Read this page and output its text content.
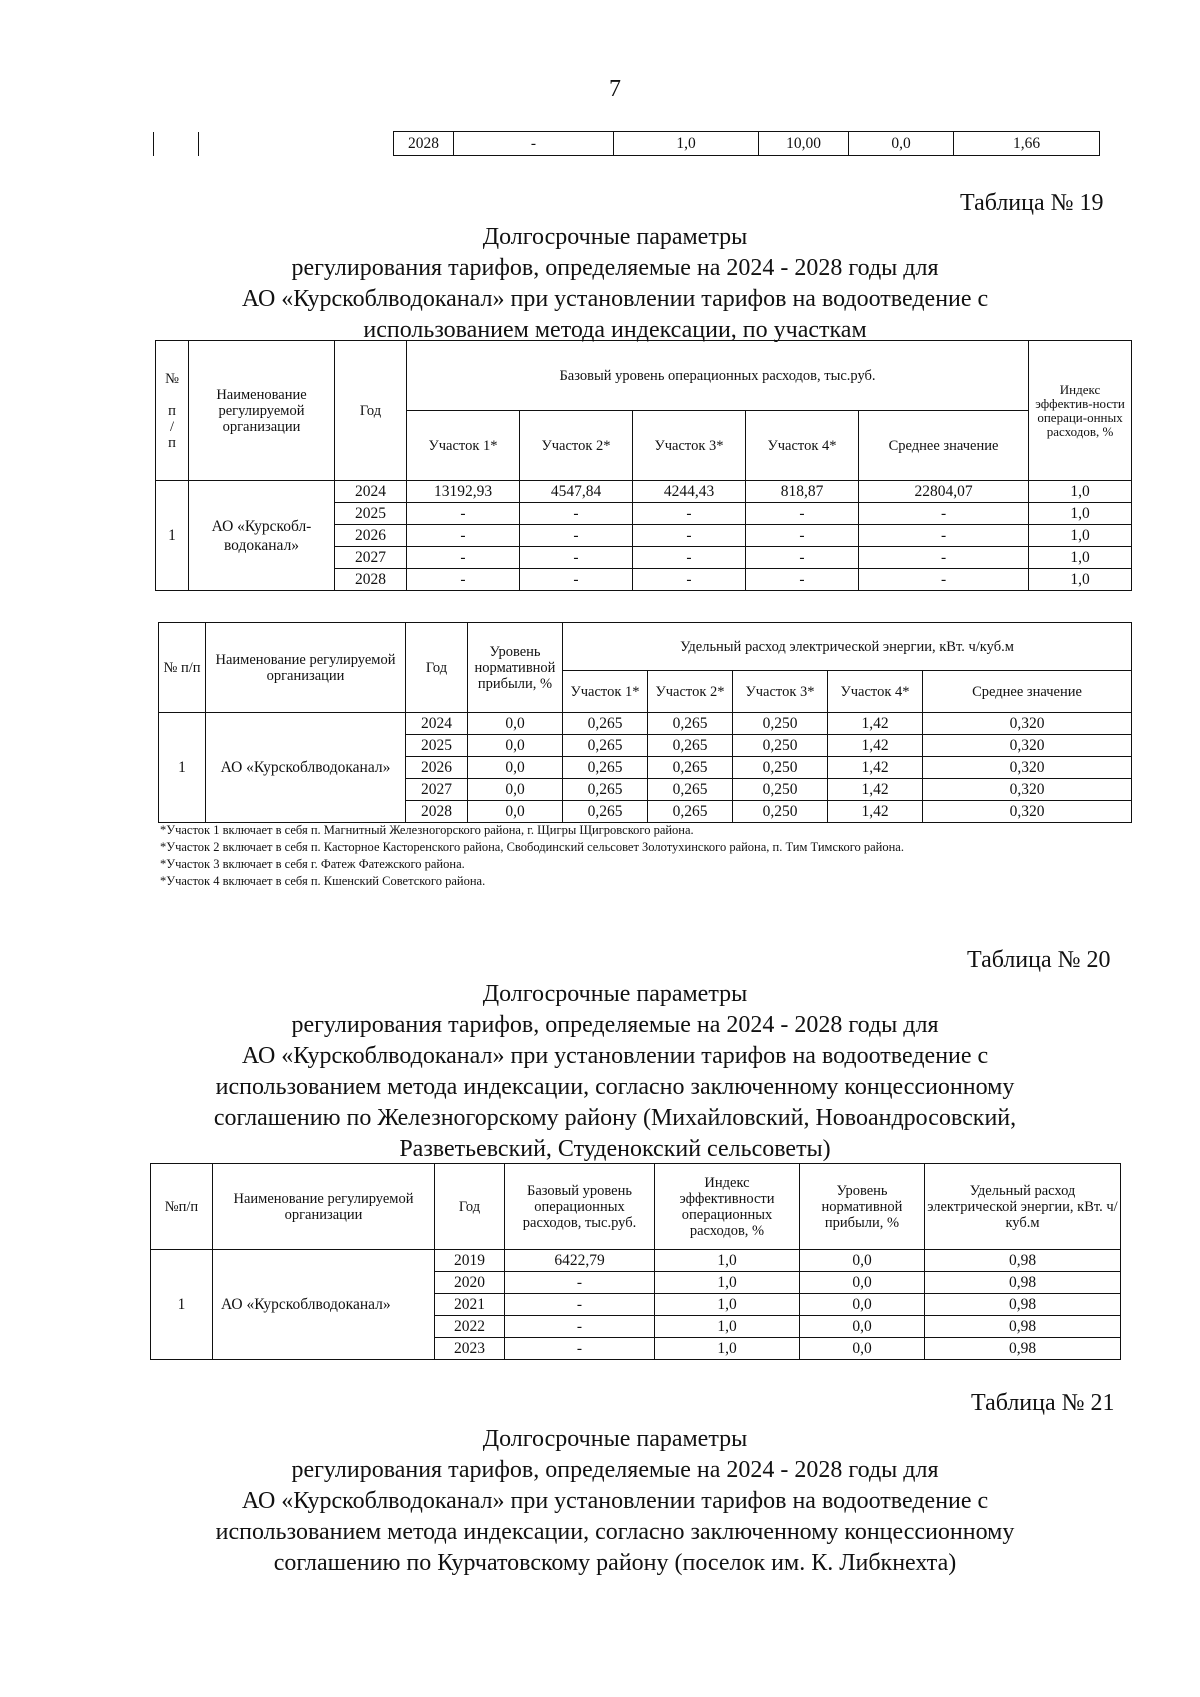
7
		2028	-	1,0	10,00	0,0	1,66
Таблица № 19
Долгосрочные параметры
регулирования тарифов, определяемые на 2024 - 2028 годы для
АО «Курскоблводоканал» при установлении тарифов на водоотведение с
использованием метода индексации, по участкам
№

п
/
п	Наименование регулируемой организации	Год	Базовый уровень операционных расходов, тыс.руб.					Индекс эффектив-ности операци-онных расходов, %
			Участок 1*	Участок 2*	Участок 3*	Участок 4*	Среднее значение	
1	АО «Курскобл-водоканал»	2024	13192,93	4547,84	4244,43	818,87	22804,07	1,0
		2025	-	-	-	-	-	1,0
		2026	-	-	-	-	-	1,0
		2027	-	-	-	-	-	1,0
		2028	-	-	-	-	-	1,0
№ п/п	Наименование регулируемой организации	Год	Уровень нормативной прибыли, %	Удельный расход электрической энергии, кВт. ч/куб.м				
				Участок 1*	Участок 2*	Участок 3*	Участок 4*	Среднее значение
1	АО «Курскоблводоканал»	2024	0,0	0,265	0,265	0,250	1,42	0,320
		2025	0,0	0,265	0,265	0,250	1,42	0,320
		2026	0,0	0,265	0,265	0,250	1,42	0,320
		2027	0,0	0,265	0,265	0,250	1,42	0,320
		2028	0,0	0,265	0,265	0,250	1,42	0,320
*Участок 1 включает в себя п. Магнитный Железногорского района, г. Щигры Щигровского района.
*Участок 2 включает в себя п. Касторное Касторенского района, Свободинский сельсовет Золотухинского района, п. Тим Тимского района.
*Участок 3 включает в себя г. Фатеж Фатежского района.
*Участок 4 включает в себя п. Кшенский Советского района.
Таблица № 20
Долгосрочные параметры
регулирования тарифов, определяемые на 2024 - 2028 годы для
АО «Курскоблводоканал» при установлении тарифов на водоотведение с
использованием метода индексации, согласно заключенному концессионному
соглашению по Железногорскому району (Михайловский, Новоандросовский,
Разветьевский, Студенокский сельсоветы)
№п/п	Наименование регулируемой организации	Год	Базовый уровень операционных расходов, тыс.руб.	Индекс эффективности операционных расходов, %	Уровень нормативной прибыли, %	Удельный расход электрической энергии, кВт. ч/куб.м
1	АО «Курскоблводоканал»	2019	6422,79	1,0	0,0	0,98
		2020	-	1,0	0,0	0,98
		2021	-	1,0	0,0	0,98
		2022	-	1,0	0,0	0,98
		2023	-	1,0	0,0	0,98
Таблица № 21
Долгосрочные параметры
регулирования тарифов, определяемые на 2024 - 2028 годы для
АО «Курскоблводоканал» при установлении тарифов на водоотведение с
использованием метода индексации, согласно заключенному концессионному
соглашению по Курчатовскому району (поселок им. К. Либкнехта)
